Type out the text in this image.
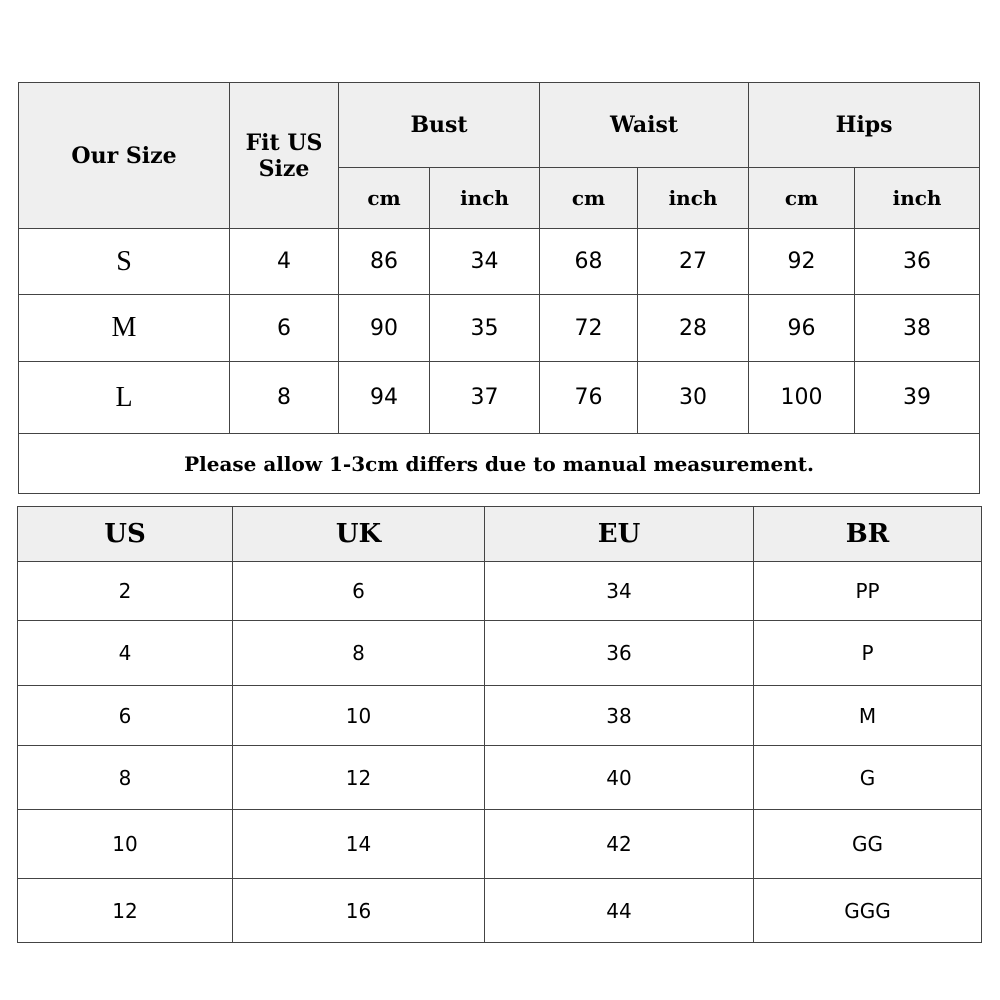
Our Size	Fit US Size	Bust		Waist		Hips	
		cm	inch	cm	inch	cm	inch
S	4	86	34	68	27	92	36
M	6	90	35	72	28	96	38
L	8	94	37	76	30	100	39
Please allow 1-3cm differs due to manual measurement.							
US	UK	EU	BR
2	6	34	PP
4	8	36	P
6	10	38	M
8	12	40	G
10	14	42	GG
12	16	44	GGG
